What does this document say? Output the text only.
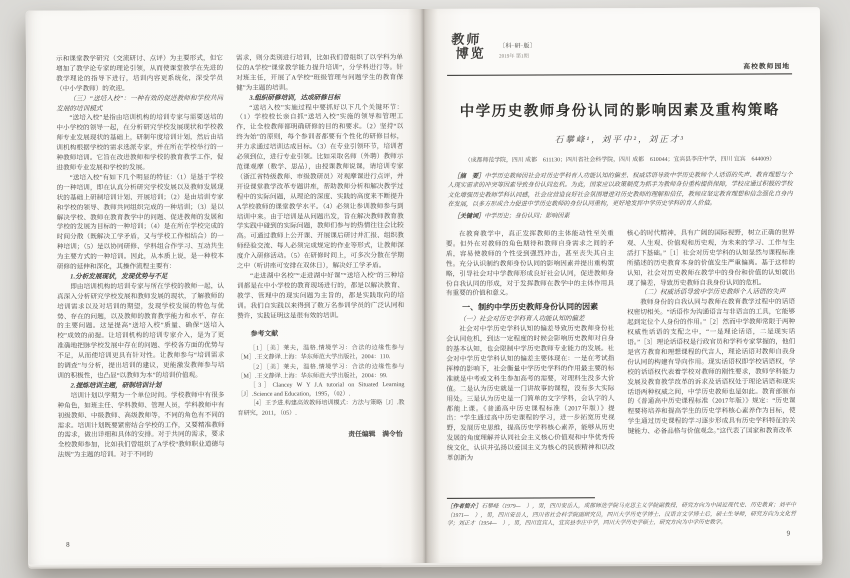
示和课堂教学研究（交流研讨、点评）为主要形式，但它增加了教学论专家的理论引领，从而使课堂教学在先进的教学理论的指导下进行，培训内容更系统化，深受学员（中小学教师）的欢迎。

（三）“送培入校”：一种有效的促进教师和学校共同发展的培训模式

“送培入校”是指由培训机构的培训专家与需要送培的中小学校的领导一起，在分析研究学校发展现状和学校教师专业发展现状的基础上，研制年度培训计划，然后由培训机构根据学校的需求选派专家，并在所在学校举行的一种教师培训。它旨在改进教师和学校的教育教学工作，促进教师专业发展和学校的发展。

“送培入校”有如下几个明显的特征：（1）是基于学校的一种培训，即在认真分析研究学校发展以及教师发展现状的基础上研制培训计划、开展培训；（2）是由培训专家和学校的领导、教师共同组织完成的一种培训；（3）是以解决学校、教师在教育教学中的问题、促进教师的发展和学校的发展为目标的一种培训；（4）是在所在学校完成的时间分散（既解决工学矛盾，又与学校工作相结合）的一种培训；（5）是以协同研修、学科组合作学习、互动共生为主要方式的一种培训。因此，从本质上说，是一种校本研修的延伸和深化，其操作流程主要有：

1.分析发展现状，发现优势与不足

即由培训机构的培训专家与所在学校的教师一起，认真深入分析研究学校发展和教师发展的现状，了解教师的培训需求以及对培训的期望，发现学校发展的特色与优势、存在的问题，以及教师的教育教学能力和水平、存在的主要问题。这是提高“送培入校”质量、确保“送培入校”成效的前提。让培训机构的培训专家介入，是为了更准确地把脉学校发展中存在的问题、学校各方面的优势与不足，从而使培训更具有针对性。让教师参与“培训需求的调查”与分析，提出培训的建议，更能激发教师参与培训的积极性，也凸显“以教师为本”的培训价值观。

2.提炼培训主题，研制培训计划

培训计划以学期为一个单位时间。学校教师中有很多种角色，如班主任、学科教师、管理人员，学科教师中有初级教师、中级教师、高级教师等，不同的角色有不同的需求。培训计划既要紧密结合学校的工作，又要精准教师的需求，做出详细和具体的安排。对于共同的需求，要求全校教师参加，比如我们曾组织了A学校“教师职业道德与法规”为主题的培训。对于不同的

需求，则分类别进行培训，比如我们曾组织了以学科为单位的A学校“课堂教学能力提升培训”，分学科进行等。针对班主任，开展了A学校“班级管理与问题学生的教育保健”为主题的培训。

3.组织研修培训，达成研修目标

“送培入校”实施过程中要抓好以下几个关键环节：（1）学校校长亲自抓“送培入校”实施的领导和管理工作，让全校教师都明确研修的目的和要求。（2）坚持“以终为始”的原则，每个参训者都要有个性化的研修目标，并力求通过培训达成目标。（3）在专业引领环节，培训者必须到位，进行专业引领。比如采取名师（外聘）教师示范课观摩（数学、思品），由授课教师说课，请培训专家（浙江省特级教师、市级教研员）对观摩课进行点评，并开设课堂教学改革专题讲座，帮助教师分析和解决教学过程中的实际问题，从理论的深度、实践的高度来不断提升A学校教师的课堂教学水平。（4）必须让参训教师参与到培训中来。由于培训是从问题出发，旨在解决教师教育教学实践中碰到的实际问题，教师们参与的热情往往会比较高。可通过教师上公开课、开展课后研讨并汇报、组织教师经验交流、每人必须完成规定的作业等形式，让教师深度介入研修活动。（5）在研修时间上，可多次分散在学期之中（听讲座可安排在双休日），解决好工学矛盾。

“走进湖中名校”“走进湖中好课”“送培入校”的三种培训都是在中小学校的教育现场进行的，都是以解决教育、教学、管理中的现实问题为主旨的，都是实践取向的培训。我们自实践以来得到了数万名参训学员的广泛认同和赞许，实践证明这是很有效的培训。

参考文献

［1］［美］莱夫，温格.情境学习：合法的边缘性参与［M］.王文静译.上海：华东师范大学出版社，2004：110.

［2］［美］莱夫，温格.情境学习：合法的边缘性参与［M］.王文静译.上海：华东师范大学出版社，2004：99.

［3］Clancey W Y J.A tutorial on Situated Learning［J］.Science and Education，1995，（02）.

［4］王予进.构建高效教师培训模式：方法与策略［J］.教育研究，2011，（05）.

责任编辑　满令怡

8
教师
博览 〔科·研·版〕
2019年 第1期
高校教师园地
中学历史教师身份认同的影响因素及重构策略
石攀峰¹，刘平中²，刘正才³
（成都师范学院，四川 成都　611130；四川省社会科学院，四川 成都　610044；宜宾县李庄中学，四川 宜宾　644009）

［摘　要］中学历史教师因社会对历史学科育人功能认知的偏差、权威话语导致中学历史教师个人话语的失声、教育理想与个人现实需求的冲突等因素导致身份认同危机。为此，国家应以政策制度为抓手为教师身份重构提供保障，学校应通过积极的学校文化增强历史教师学科认同感，社会应营造良好社会氛围增进对历史教师的理解和信任，教师应坚定教育理想和信念强化自身内在发展，以多方形成合力促进中学历史教师的身份认同重构，更好地发挥中学历史学科的育人价值。

［关键词］中学历史；身份认同；影响因素

在教育教学中，真正发挥教师的主体能动性至关重要。但外在对教师的角色期待和教师自身需求之间的矛盾，容易使教师的个性受到强烈冲击，甚至丧失其自主性。充分认识制约教师身份认同的影响因素并提出重构策略，引导社会对中学教师形成良好社会认同，促进教师身份自我认同的形成，对于发挥教师在教学中的主体作用具有重要的价值和意义。

一、制约中学历史教师身份认同的因素

（一）社会对历史学科育人功能认知的偏差

社会对中学历史学科认知的偏差导致历史教师身份社会认同危机，到达一定程度的时候会影响历史教师对自身的基本认知，也会限制中学历史教师专业能力的发展。社会对中学历史学科认知的偏差主要体现在：一是在考试指挥棒的影响下，社会衡量中学历史学科的作用最主要的标准就是中考或文科生参加高考的需要，对理科生没多大价值。二是认为历史就是一门讲故事的课程，没有多大实际用处。三是认为历史是一门简单的文字学科，会认字的人都能上课。《普通高中历史课程标准（2017年版）》提出：“学生通过高中历史课程的学习，进一步拓宽历史视野，发展历史思维，提高历史学科核心素养，能够从历史发展的角度理解并认同社会主义核心价值观和中华优秀传统文化，认识并弘扬以爱国主义为核心的民族精神和以改革创新为

核心的时代精神，具有广阔的国际视野，树立正确的世界观、人生观、价值观和历史观，为未来的学习、工作与生活打下基础。”［1］社会对历史学科的认知显然与课程标准所描述的历史教育本身的价值发生严重偏离。基于这样的认知，社会对历史教师在教学中的身份和价值的认知就出现了偏差，导致历史教师自我身份认同的危机。

（二）权威话语导致中学历史教师个人话语的失声

教师身份的自我认同与教师在教育教学过程中的话语权密切相关。“话语作为沟通语言与非语言的工具，它能够起到定位个人身份的作用。”［2］然而中学教师常限于两种权威性话语的支配之中，“一是理论话语，二是现实话语。”［3］理论话语权是行政官员和学科专家掌握的，他们是官方教育和理想课程的代言人，理论话语对教师自我身份认同的构建有导向作用。现实话语权即学校话语权，学校的话语权代表着学校对教师的刚性要求，教师学科能力发展及教育教学改革的诉求及话语权处于理论话语和现实话语两种权威之间，中学历史教师也是如此。教育部颁布的《普通高中历史课程标准（2017年版）》规定：“历史课程要将培养和提高学生的历史学科核心素养作为目标，使学生通过历史课程的学习逐步形成具有历史学科特征的关键能力、必备品格与价值观念。”这代表了国家和教育改革

［作者简介］石攀峰（1979—　），男，四川安岳人，成都师范学院马克思主义学院副教授，研究方向为中国近现代史、历史教育；刘平中（1971—　），男，四川安岳人，四川省社会科学院副研究员，四川大学历史学博士、汉语言文学博士后，硕士生导师，研究方向为文化哲学；刘正才（1954—　），男，四川宜宾人，宜宾县李庄中学，四川大学历史学硕士，研究方向为中学历史教学。

9
